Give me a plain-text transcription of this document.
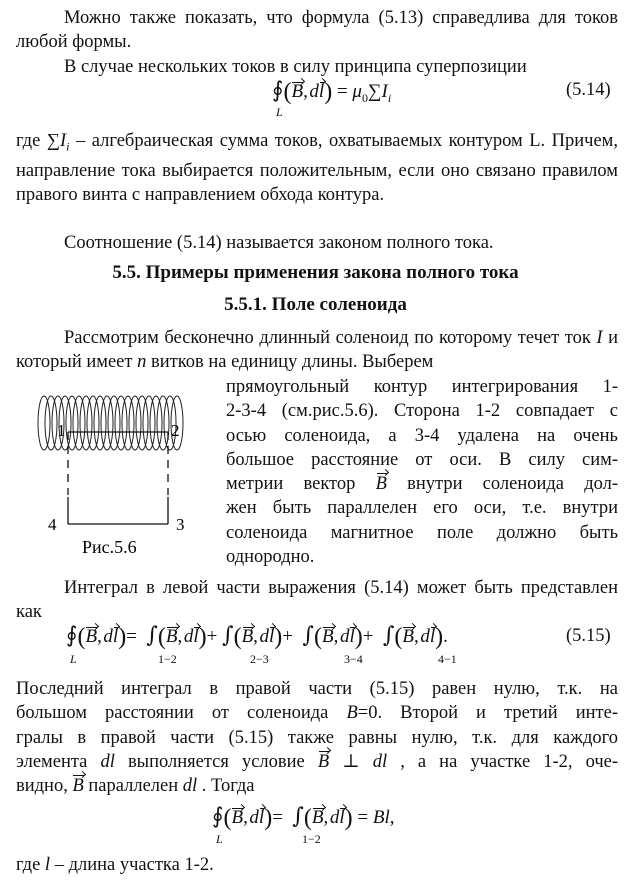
Можно также показать, что формула (5.13) справедлива для токов любой формы.

В случае нескольких токов в силу принципа суперпозиции

∮(B, $dl) = \mu_0\sum I_i$
L
(5.14)

где $\sum I_i$ – алгебраическая сумма токов, охватываемых контуром L. Причем, направление тока выбирается положительным, если оно связано правилом правого винта с направлением обхода контура.

Соотношение (5.14) называется законом полного тока.

5.5. Примеры применения закона полного тока
5.5.1. Поле соленоида

Рассмотрим бесконечно длинный соленоид по которому течет ток I и который имеет n витков на единицу длины. Выберем

1	2
3
4
Рис.5.6
прямоугольный контур интегрирования 1-
2-3-4 (см.рис.5.6). Сторона 1-2 совпадает с
осью соленоида, а 3-4 удалена на очень
большое расстояние от оси. В силу сим-
метрии вектор B внутри соленоида дол-
жен быть параллелен его оси, т.е. внутри
соленоида магнитное поле должно быть
однородно.

Интеграл в левой части выражения (5.14) может быть представлен как

∮(B, dl)=  ∫(B, dl)+ ∫(B, dl)+  ∫(B, dl)+  ∫(B, dl).
L	1−2	2−3	3−4	4−1
(5.15)
Последний интеграл в правой части (5.15) равен нулю, т.к. на
большом расстоянии от соленоида B=0. Второй и третий инте-
гралы в правой части (5.15) также равны нулю, т.к. для каждого
элемента dl выполняется условие B ⊥ dl , а на участке 1-2, оче-
видно, B параллелен dl . Тогда
∮(B, dl)=  ∫(B, dl) = Bl,
L	1−2

где l – длина участка 1-2.
